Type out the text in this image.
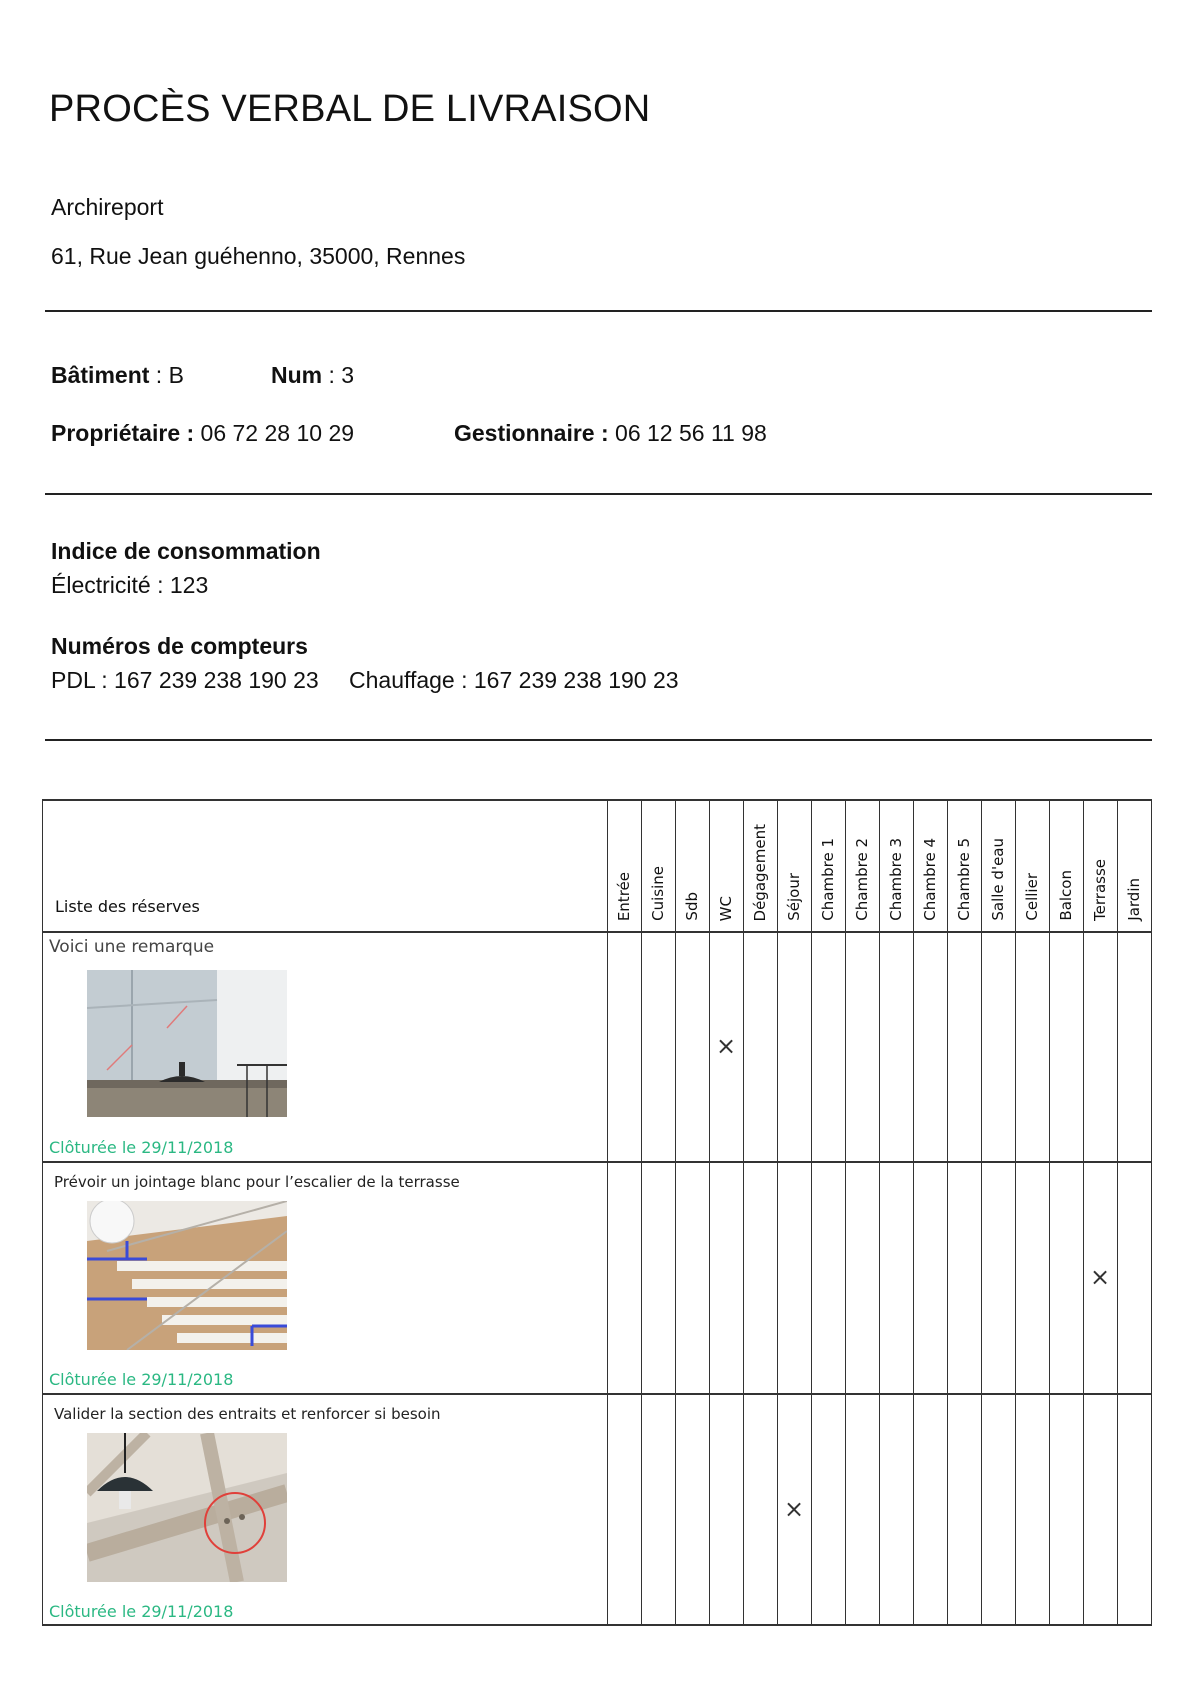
PROCÈS VERBAL DE LIVRAISON
Archireport
61, Rue Jean guéhenno, 35000, Rennes
Bâtiment : B	Num : 3
Propriétaire : 06 72 28 10 29	Gestionnaire : 06 12 56 11 98
Indice de consommation
Électricité : 123
Numéros de compteurs
PDL : 167 239 238 190 23 Chauffage : 167 239 238 190 23
Liste des réserves
Voici une remarque
Clôturée le 29/11/2018
Prévoir un jointage blanc pour l’escalier de la terrasse
Clôturée le 29/11/2018
Valider la section des entraits et renforcer si besoin
Clôturée le 29/11/2018
Entrée Cuisine Sdb WC Dégagement Séjour Chambre 1 Chambre 2 Chambre 3 Chambre 4 Chambre 5 Salle d'eau Cellier Balcon Terrasse Jardin
×
×
×
